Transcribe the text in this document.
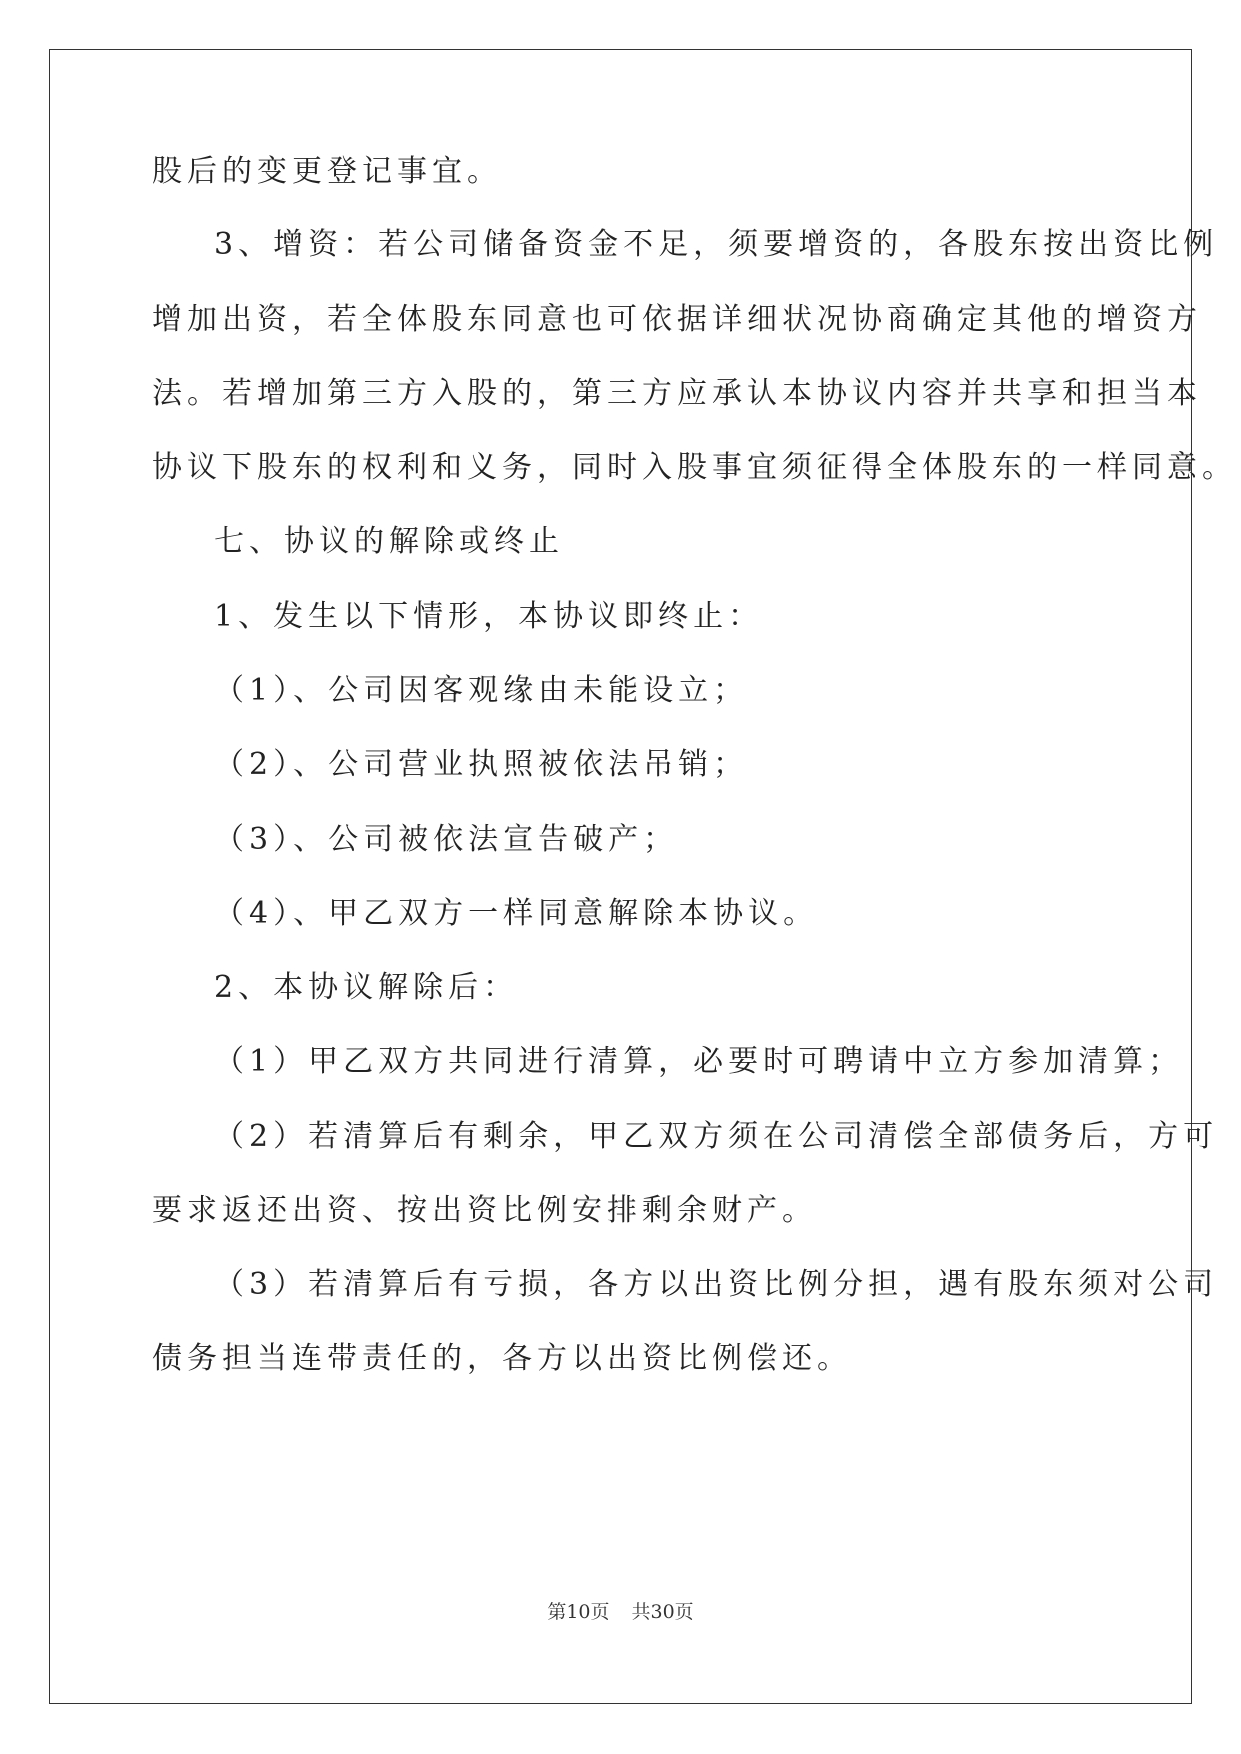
股后的变更登记事宜。

3、增资：若公司储备资金不足，须要增资的，各股东按出资比例

增加出资，若全体股东同意也可依据详细状况协商确定其他的增资方

法。若增加第三方入股的，第三方应承认本协议内容并共享和担当本

协议下股东的权利和义务，同时入股事宜须征得全体股东的一样同意。

七、协议的解除或终止

1、发生以下情形，本协议即终止：

（1）、公司因客观缘由未能设立；

（2）、公司营业执照被依法吊销；

（3）、公司被依法宣告破产；

（4）、甲乙双方一样同意解除本协议。

2、本协议解除后：

（1）甲乙双方共同进行清算，必要时可聘请中立方参加清算；

（2）若清算后有剩余，甲乙双方须在公司清偿全部债务后，方可

要求返还出资、按出资比例安排剩余财产。

（3）若清算后有亏损，各方以出资比例分担，遇有股东须对公司

债务担当连带责任的，各方以出资比例偿还。

第10页 共30页
